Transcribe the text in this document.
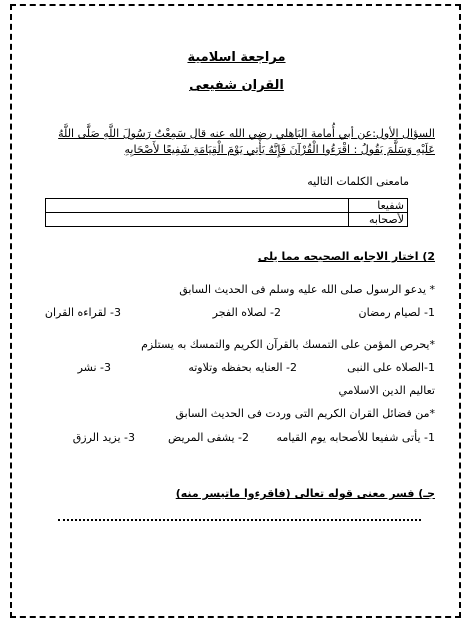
مراجعة اسلامية
القران شفيعى
السؤال الأول:عن أبي أُمامة البَاهلي رضي الله عنه قال سَمِعْتُ رَسُولَ اللَّهِ صَلَّى اللَّهُ عَلَيْهِ وَسَلَّمَ يَقُولُ : اقْرَءُوا الْقُرْآنَ فَإِنَّهُ يَأْتِي يَوْمَ الْقِيَامَةِ شَفِيعًا لأَصْحَابِهِ
مامعنى الكلمات التاليه
شفيعا	
لأصحابه	
2) اختار الاجابه الصحيحه مما يلى
* يدعو الرسول صلى الله عليه وسلم فى الحديث السابق
1- لصيام رمضان
2- لصلاه الفجر
3- لقراءه القران
*يحرص المؤمن على التمسك بالقرآن الكريم والتمسك به يستلزم
1-الصلاه على النبى
2- العنايه بحفظه وتلاوته
3- نشر
تعاليم الدين الاسلامي
*من فضائل القران الكريم التى وردت فى الحديث السابق
1- يأتى شفيعا للأصحابه يوم القيامه
2- يشفى المريض
3- يزيد الرزق
جـ) فسر معنى قوله تعالى (فاقرءوا ماتيسر منه)
